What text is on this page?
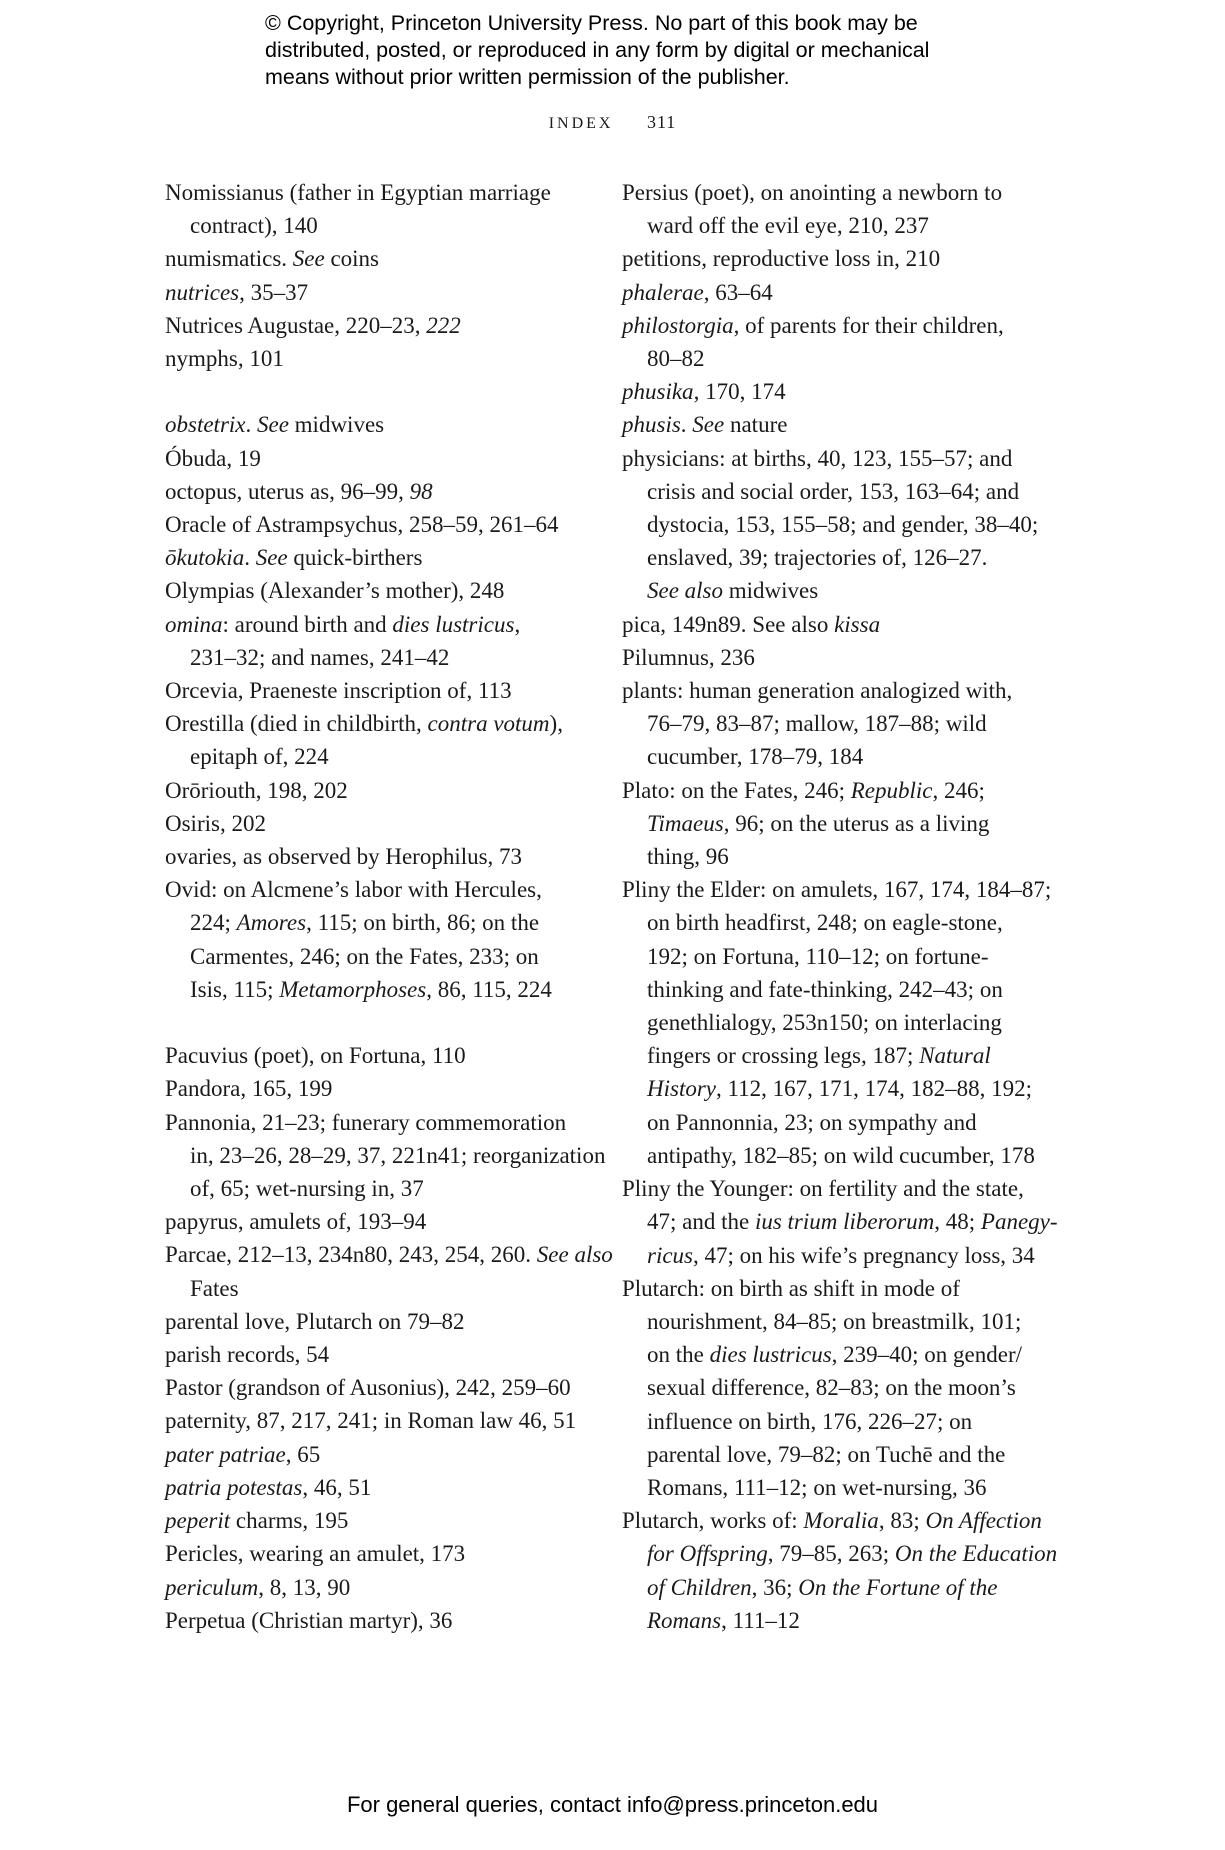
© Copyright, Princeton University Press. No part of this book may be
distributed, posted, or reproduced in any form by digital or mechanical
means without prior written permission of the publisher.
INDEX 311
Nomissianus (father in Egyptian marriage
contract), 140
numismatics. See coins
nutrices, 35–37
Nutrices Augustae, 220–23, 222
nymphs, 101
obstetrix. See midwives
Óbuda, 19
octopus, uterus as, 96–99, 98
Oracle of Astrampsychus, 258–59, 261–64
ōkutokia. See quick-birthers
Olympias (Alexander’s mother), 248
omina: around birth and dies lustricus,
231–32; and names, 241–42
Orcevia, Praeneste inscription of, 113
Orestilla (died in childbirth, contra votum),
epitaph of, 224
Orōriouth, 198, 202
Osiris, 202
ovaries, as observed by Herophilus, 73
Ovid: on Alcmene’s labor with Hercules,
224; Amores, 115; on birth, 86; on the
Carmentes, 246; on the Fates, 233; on
Isis, 115; Metamorphoses, 86, 115, 224
Pacuvius (poet), on Fortuna, 110
Pandora, 165, 199
Pannonia, 21–23; funerary commemoration
in, 23–26, 28–29, 37, 221n41; reorganization
of, 65; wet-nursing in, 37
papyrus, amulets of, 193–94
Parcae, 212–13, 234n80, 243, 254, 260. See also
Fates
parental love, Plutarch on 79–82
parish records, 54
Pastor (grandson of Ausonius), 242, 259–60
paternity, 87, 217, 241; in Roman law 46, 51
pater patriae, 65
patria potestas, 46, 51
peperit charms, 195
Pericles, wearing an amulet, 173
periculum, 8, 13, 90
Perpetua (Christian martyr), 36
Persius (poet), on anointing a newborn to
ward off the evil eye, 210, 237
petitions, reproductive loss in, 210
phalerae, 63–64
philostorgia, of parents for their children,
80–82
phusika, 170, 174
phusis. See nature
physicians: at births, 40, 123, 155–57; and
crisis and social order, 153, 163–64; and
dystocia, 153, 155–58; and gender, 38–40;
enslaved, 39; trajectories of, 126–27.
See also midwives
pica, 149n89. See also kissa
Pilumnus, 236
plants: human generation analogized with,
76–79, 83–87; mallow, 187–88; wild
cucumber, 178–79, 184
Plato: on the Fates, 246; Republic, 246;
Timaeus, 96; on the uterus as a living
thing, 96
Pliny the Elder: on amulets, 167, 174, 184–87;
on birth headfirst, 248; on eagle-stone,
192; on Fortuna, 110–12; on fortune-
thinking and fate-thinking, 242–43; on
genethlialogy, 253n150; on interlacing
fingers or crossing legs, 187; Natural
History, 112, 167, 171, 174, 182–88, 192;
on Pannonnia, 23; on sympathy and
antipathy, 182–85; on wild cucumber, 178
Pliny the Younger: on fertility and the state,
47; and the ius trium liberorum, 48; Panegy-
ricus, 47; on his wife’s pregnancy loss, 34
Plutarch: on birth as shift in mode of
nourishment, 84–85; on breastmilk, 101;
on the dies lustricus, 239–40; on gender/
sexual difference, 82–83; on the moon’s
influence on birth, 176, 226–27; on
parental love, 79–82; on Tuchē and the
Romans, 111–12; on wet-nursing, 36
Plutarch, works of: Moralia, 83; On Affection
for Offspring, 79–85, 263; On the Education
of Children, 36; On the Fortune of the
Romans, 111–12
For general queries, contact info@press.princeton.edu
